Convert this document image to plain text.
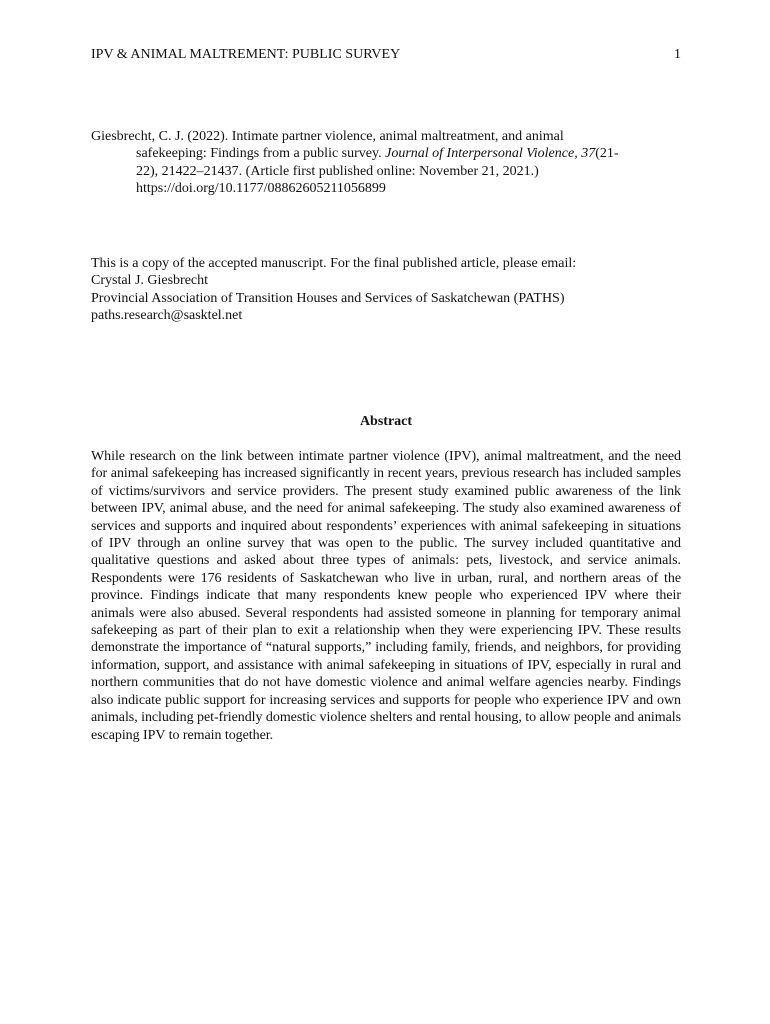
IPV & ANIMAL MALTREMENT: PUBLIC SURVEY	1
Giesbrecht, C. J. (2022). Intimate partner violence, animal maltreatment, and animal
safekeeping: Findings from a public survey. Journal of Interpersonal Violence, 37(21-
22), 21422–21437. (Article first published online: November 21, 2021.)
https://doi.org/10.1177/08862605211056899
This is a copy of the accepted manuscript. For the final published article, please email:
Crystal J. Giesbrecht
Provincial Association of Transition Houses and Services of Saskatchewan (PATHS)
paths.research@sasktel.net
Abstract

While research on the link between intimate partner violence (IPV), animal maltreatment, and the need for animal safekeeping has increased significantly in recent years, previous research has included samples of victims/survivors and service providers. The present study examined public awareness of the link between IPV, animal abuse, and the need for animal safekeeping. The study also examined awareness of services and supports and inquired about respondents’ experiences with animal safekeeping in situations of IPV through an online survey that was open to the public. The survey included quantitative and qualitative questions and asked about three types of animals: pets, livestock, and service animals. Respondents were 176 residents of Saskatchewan who live in urban, rural, and northern areas of the province. Findings indicate that many respondents knew people who experienced IPV where their animals were also abused. Several respondents had assisted someone in planning for temporary animal safekeeping as part of their plan to exit a relationship when they were experiencing IPV. These results demonstrate the importance of “natural supports,” including family, friends, and neighbors, for providing information, support, and assistance with animal safekeeping in situations of IPV, especially in rural and northern communities that do not have domestic violence and animal welfare agencies nearby. Findings also indicate public support for increasing services and supports for people who experience IPV and own animals, including pet-friendly domestic violence shelters and rental housing, to allow people and animals escaping IPV to remain together.
